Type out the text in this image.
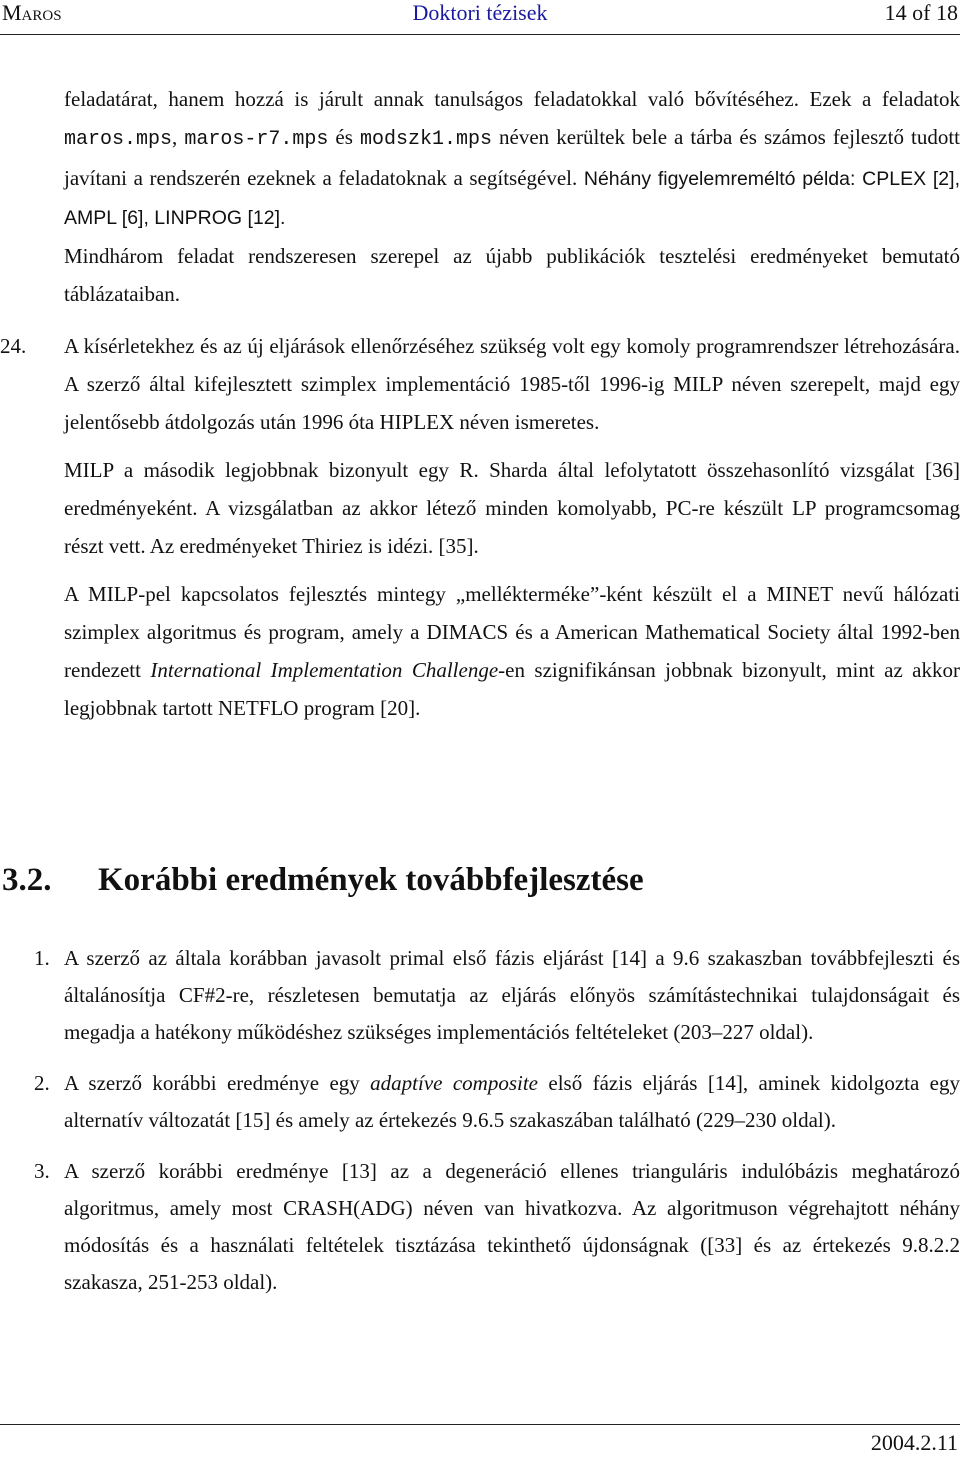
Maros	Doktori tézisek	14 of 18

feladatárat, hanem hozzá is járult annak tanulságos feladatokkal való bővítéséhez. Ezek a feladatok maros.mps, maros-r7.mps és modszk1.mps néven kerültek bele a tárba és számos fejlesztő tudott javítani a rendszerén ezeknek a feladatoknak a segítségével. Néhány figyelemreméltó példa: CPLEX [2], AMPL [6], LINPROG [12].

Mindhárom feladat rendszeresen szerepel az újabb publikációk tesztelési eredményeket bemutató táblázataiban.

24. A kísérletekhez és az új eljárások ellenőrzéséhez szükség volt egy komoly programrendszer létrehozására. A szerző által kifejlesztett szimplex implementáció 1985-től 1996-ig MILP néven szerepelt, majd egy jelentősebb átdolgozás után 1996 óta HIPLEX néven ismeretes.

MILP a második legjobbnak bizonyult egy R. Sharda által lefolytatott összehasonlító vizsgálat [36] eredményeként. A vizsgálatban az akkor létező minden komolyabb, PC-re készült LP programcsomag részt vett. Az eredményeket Thiriez is idézi. [35].

A MILP-pel kapcsolatos fejlesztés mintegy „mellékterméke”-ként készült el a MINET nevű hálózati szimplex algoritmus és program, amely a DIMACS és a American Mathematical Society által 1992-ben rendezett International Implementation Challenge-en szignifikánsan jobbnak bizonyult, mint az akkor legjobbnak tartott NETFLO program [20].

3.2. Korábbi eredmények továbbfejlesztése
1. A szerző az általa korábban javasolt primal első fázis eljárást [14] a 9.6 szakaszban továbbfejleszti és általánosítja CF#2-re, részletesen bemutatja az eljárás előnyös számítástechnikai tulajdonságait és megadja a hatékony működéshez szükséges implementációs feltételeket (203–227 oldal).
2. A szerző korábbi eredménye egy adaptíve composite első fázis eljárás [14], aminek kidolgozta egy alternatív változatát [15] és amely az értekezés 9.6.5 szakaszában található (229–230 oldal).
3. A szerző korábbi eredménye [13] az a degeneráció ellenes trianguláris indulóbázis meghatározó algoritmus, amely most CRASH(ADG) néven van hivatkozva. Az algoritmuson végrehajtott néhány módosítás és a használati feltételek tisztázása tekinthető újdonságnak ([33] és az értekezés 9.8.2.2 szakasza, 251-253 oldal).
2004.2.11
